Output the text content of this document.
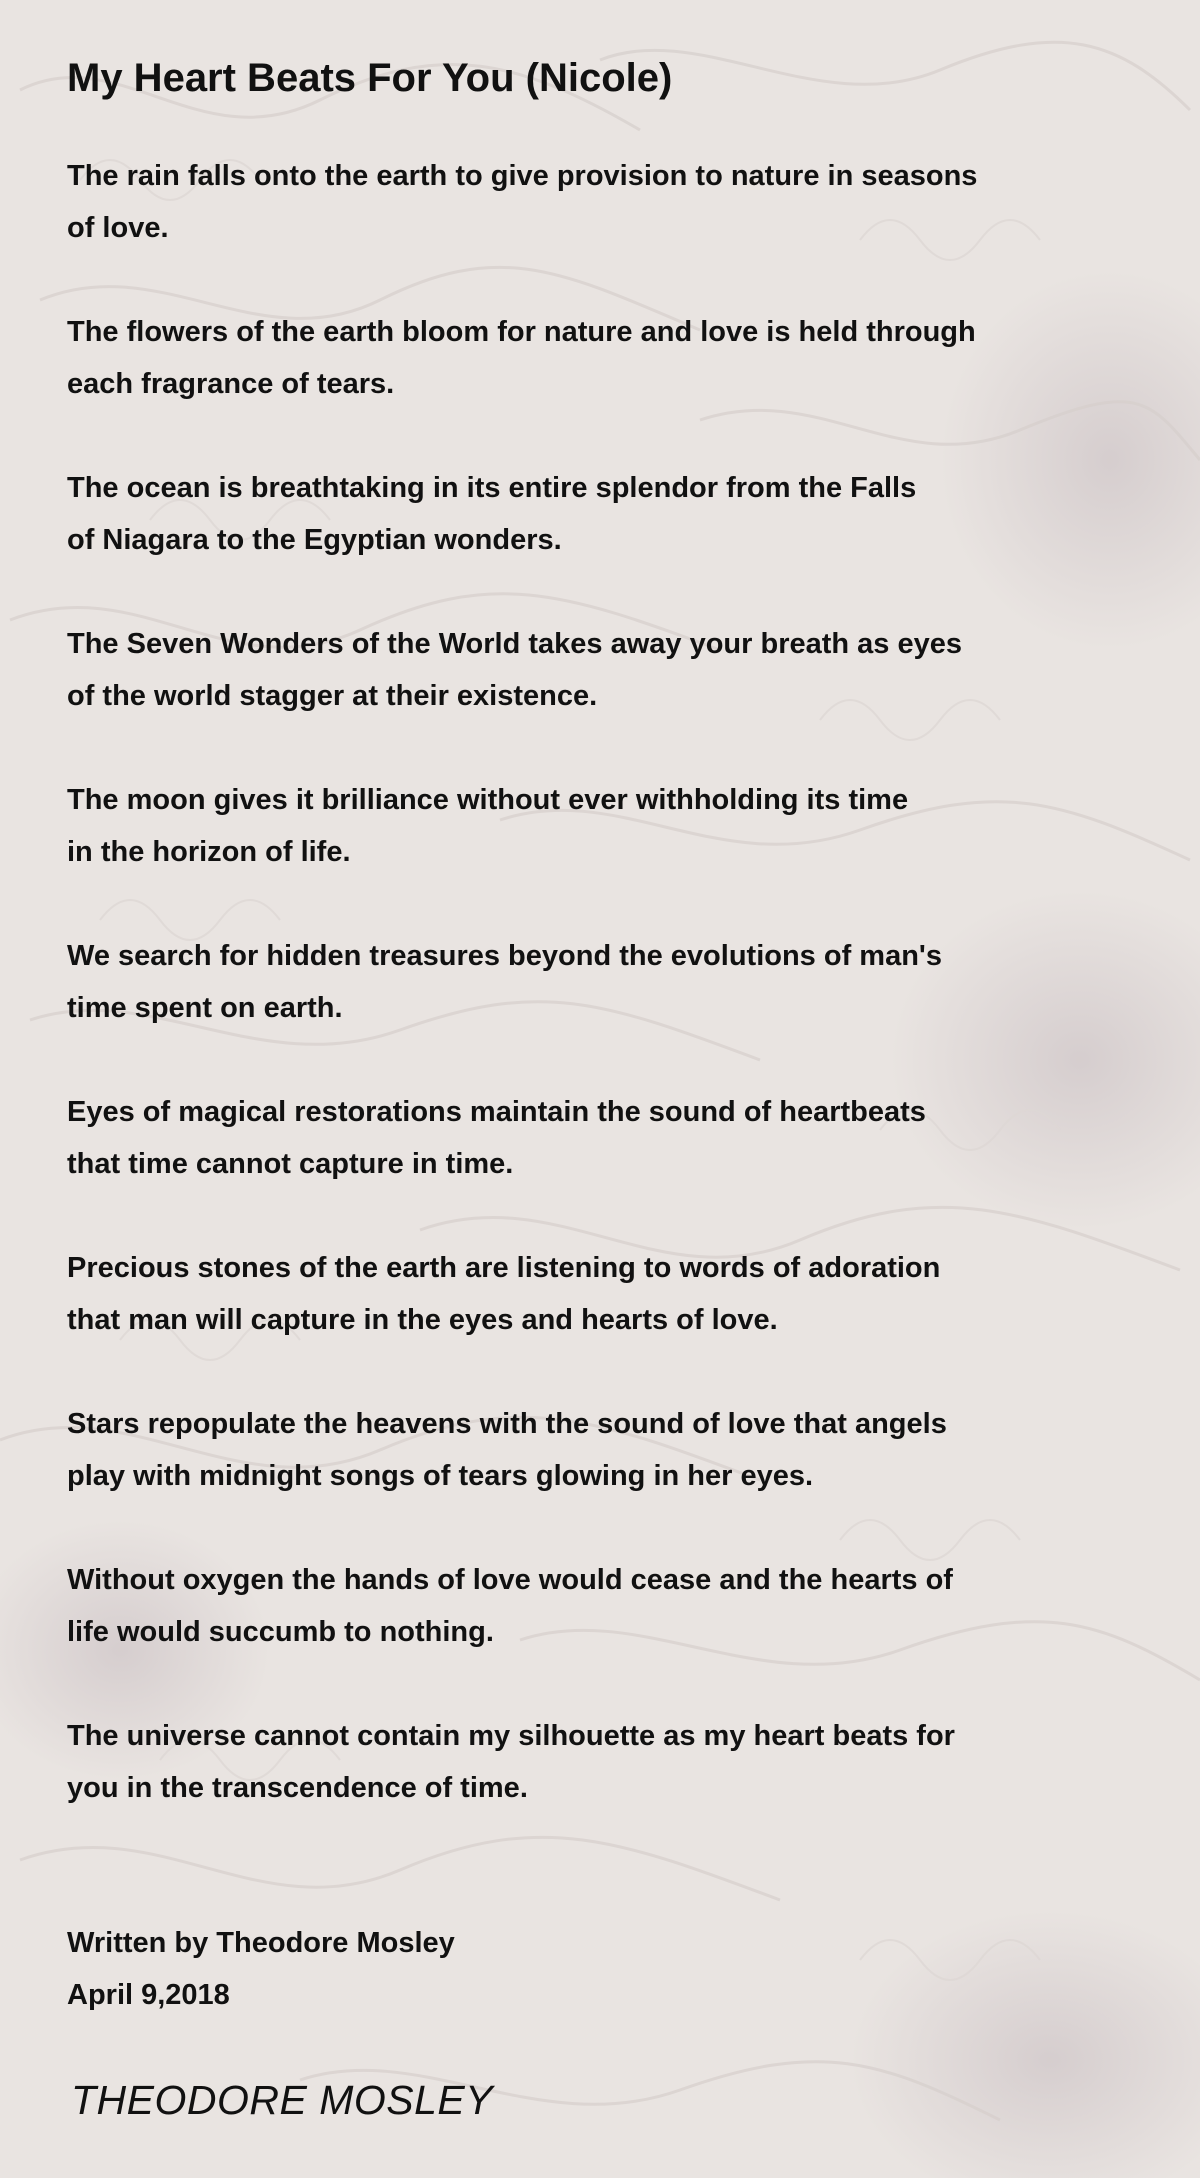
My Heart Beats For You (Nicole)

The rain falls onto the earth to give provision to nature in seasons
of love.

The flowers of the earth bloom for nature and love is held through
each fragrance of tears.

The ocean is breathtaking in its entire splendor from the Falls
of Niagara to the Egyptian wonders.

The Seven Wonders of the World takes away your breath as eyes
of the world stagger at their existence.

The moon gives it brilliance without ever withholding its time
in the horizon of life.

We search for hidden treasures beyond the evolutions of man's
time spent on earth.

Eyes of magical restorations maintain the sound of heartbeats
that time cannot capture in time.

Precious stones of the earth are listening to words of adoration
that man will capture in the eyes and hearts of love.

Stars repopulate the heavens with the sound of love that angels
play with midnight songs of tears glowing in her eyes.

Without oxygen the hands of love would cease and the hearts of
life would succumb to nothing.

The universe cannot contain my silhouette as my heart beats for
you in the transcendence of time.

Written by Theodore Mosley
April 9,2018
THEODORE MOSLEY
